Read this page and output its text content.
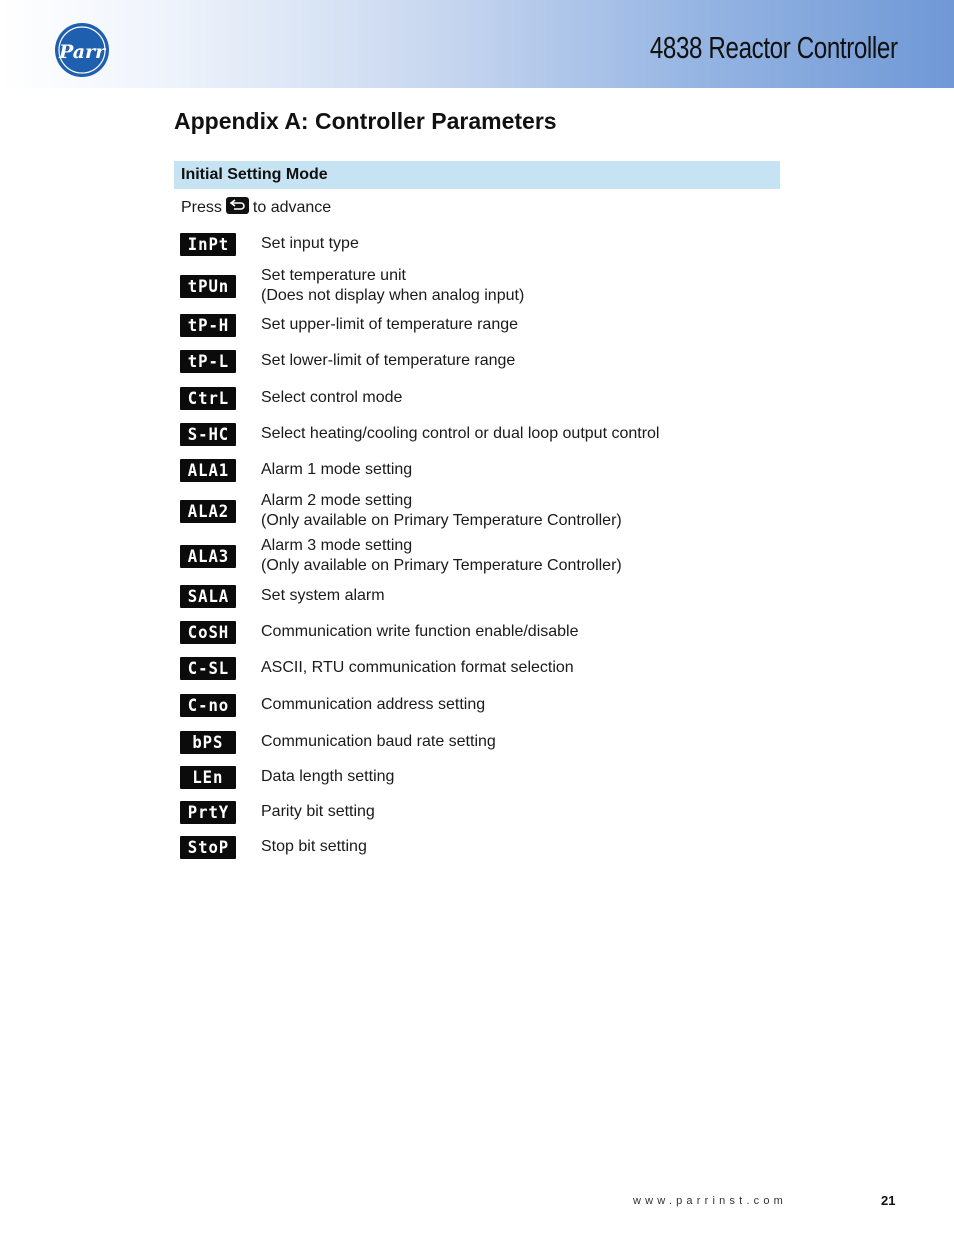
Parr	4838 Reactor Controller
Appendix A: Controller Parameters
Initial Setting Mode
Press to advance
InPt Set input type
tPUn
Set temperature unit
(Does not display when analog input)
tP-H Set upper-limit of temperature range
tP-L Set lower-limit of temperature range
CtrL Select control mode
S-HC Select heating/cooling control or dual loop output control
ALA1 Alarm 1 mode setting
ALA2
Alarm 2 mode setting
(Only available on Primary Temperature Controller)
ALA3
Alarm 3 mode setting
(Only available on Primary Temperature Controller)
SALA Set system alarm
CoSH Communication write function enable/disable
C-SL ASCII, RTU communication format selection
C-no Communication address setting
bPS Communication baud rate setting
LEn Data length setting
PrtY Parity bit setting
StoP Stop bit setting
www.parrinst.com	21
